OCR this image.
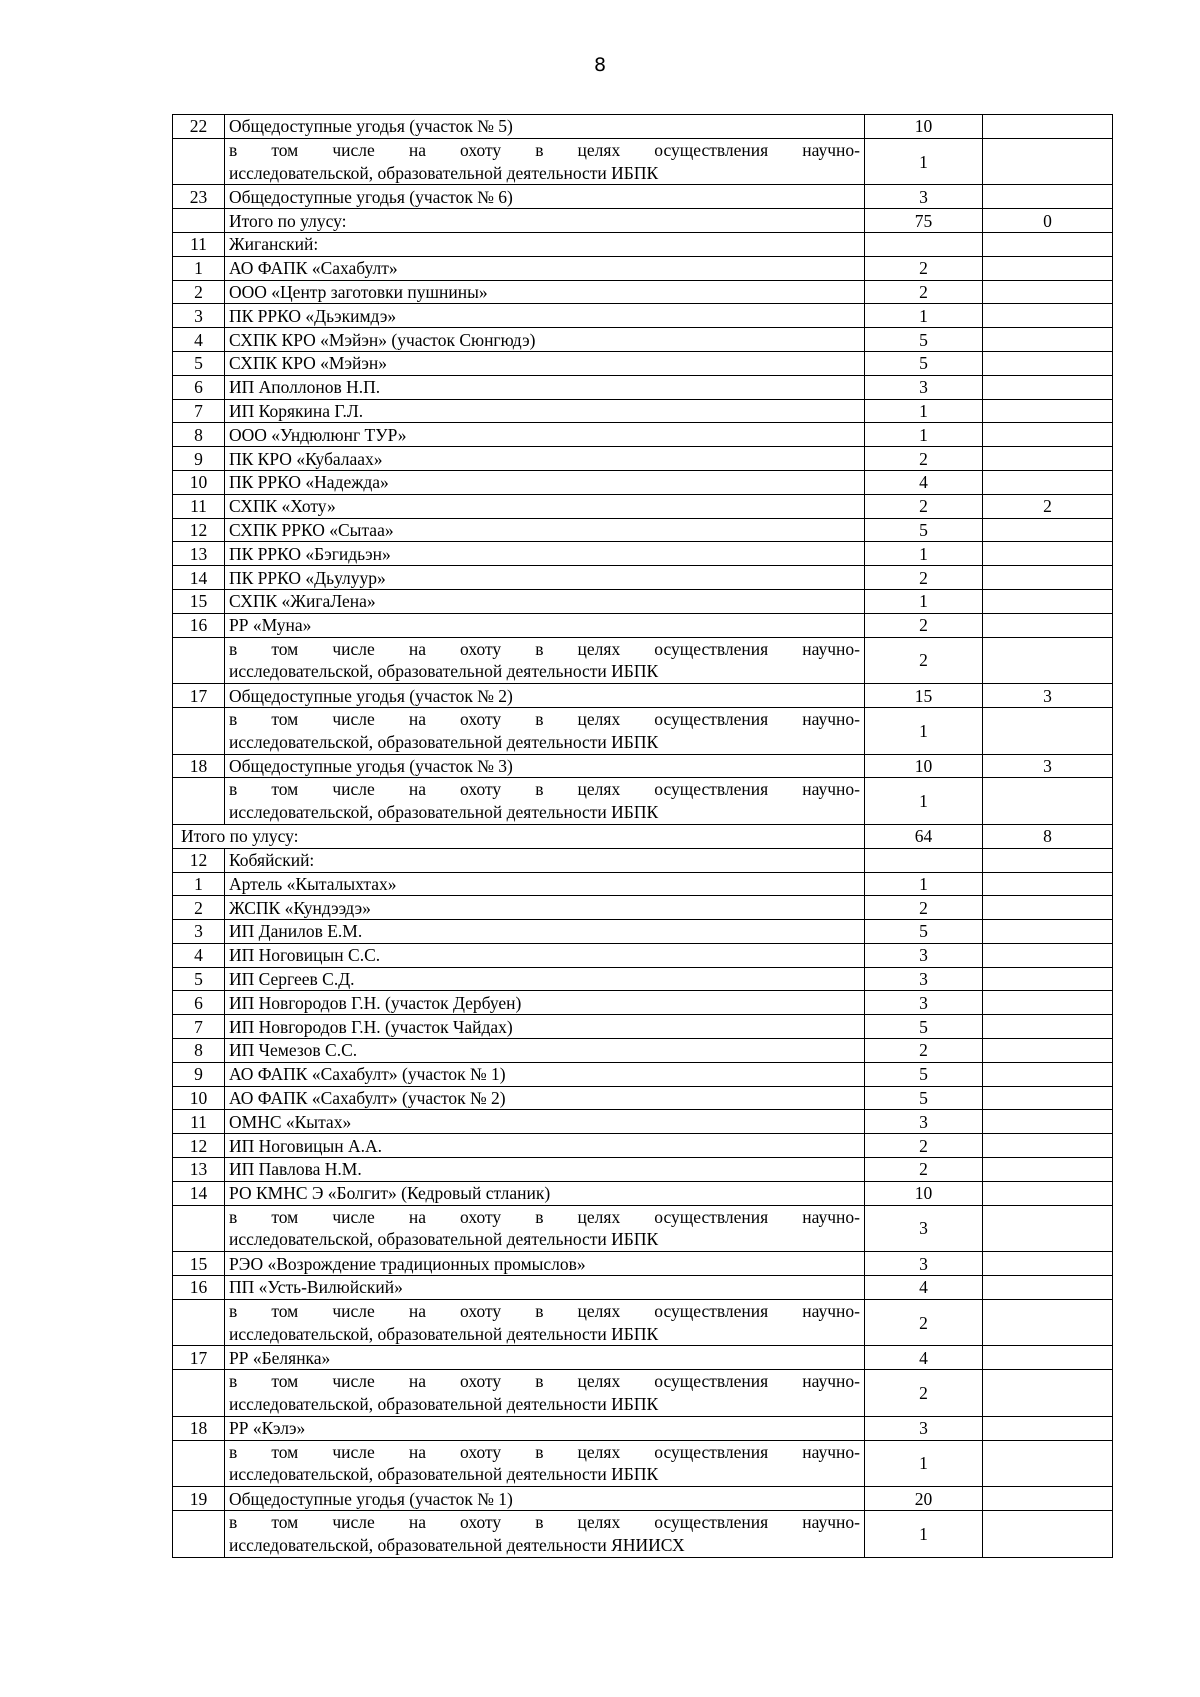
8
22	Общедоступные угодья (участок № 5)	10	

	в том числе на охоту в целях осуществления научно-
исследовательской, образовательной деятельности ИБПК	1	
23	Общедоступные угодья (участок № 6)	3	
	Итого по улусу:	75	0
11	Жиганский:		
1	АО ФАПК «Сахабулт»	2	
2	ООО «Центр заготовки пушнины»	2	
3	ПК РРКО «Дьэкимдэ»	1	
4	СХПК КРО «Мэйэн» (участок Сюнгюдэ)	5	
5	СХПК КРО «Мэйэн»	5	
6	ИП Аполлонов Н.П.	3	
7	ИП Корякина Г.Л.	1	
8	ООО «Ундюлюнг ТУР»	1	
9	ПК КРО «Кубалаах»	2	
10	ПК РРКО «Надежда»	4	
11	СХПК «Хоту»	2	2
12	СХПК РРКО «Сытаа»	5	
13	ПК РРКО «Бэгидьэн»	1	
14	ПК РРКО «Дьулуур»	2	
15	СХПК «ЖигаЛена»	1	
16	РР «Муна»	2	

	в том числе на охоту в целях осуществления научно-
исследовательской, образовательной деятельности ИБПК	2	
17	Общедоступные угодья (участок № 2)	15	3

	в том числе на охоту в целях осуществления научно-
исследовательской, образовательной деятельности ИБПК	1	
18	Общедоступные угодья (участок № 3)	10	3

	в том числе на охоту в целях осуществления научно-
исследовательской, образовательной деятельности ИБПК	1	
Итого по улусу:		64	8
12	Кобяйский:		
1	Артель «Кыталыхтах»	1	
2	ЖСПК «Кундээдэ»	2	
3	ИП Данилов Е.М.	5	
4	ИП Ноговицын С.С.	3	
5	ИП Сергеев С.Д.	3	
6	ИП Новгородов Г.Н. (участок Дербуен)	3	
7	ИП Новгородов Г.Н. (участок Чайдах)	5	
8	ИП Чемезов С.С.	2	
9	АО ФАПК «Сахабулт» (участок № 1)	5	
10	АО ФАПК «Сахабулт» (участок № 2)	5	
11	ОМНС «Кытах»	3	
12	ИП Ноговицын А.А.	2	
13	ИП Павлова Н.М.	2	
14	РО КМНС Э «Болгит» (Кедровый стланик)	10	

	в том числе на охоту в целях осуществления научно-
исследовательской, образовательной деятельности ИБПК	3	
15	РЭО «Возрождение традиционных промыслов»	3	
16	ПП «Усть-Вилюйский»	4	

	в том числе на охоту в целях осуществления научно-
исследовательской, образовательной деятельности ИБПК	2	
17	РР «Белянка»	4	

	в том числе на охоту в целях осуществления научно-
исследовательской, образовательной деятельности ИБПК	2	
18	РР «Кэлэ»	3	

	в том числе на охоту в целях осуществления научно-
исследовательской, образовательной деятельности ИБПК	1	
19	Общедоступные угодья (участок № 1)	20	

	в том числе на охоту в целях осуществления научно-
исследовательской, образовательной деятельности ЯНИИСХ	1	
